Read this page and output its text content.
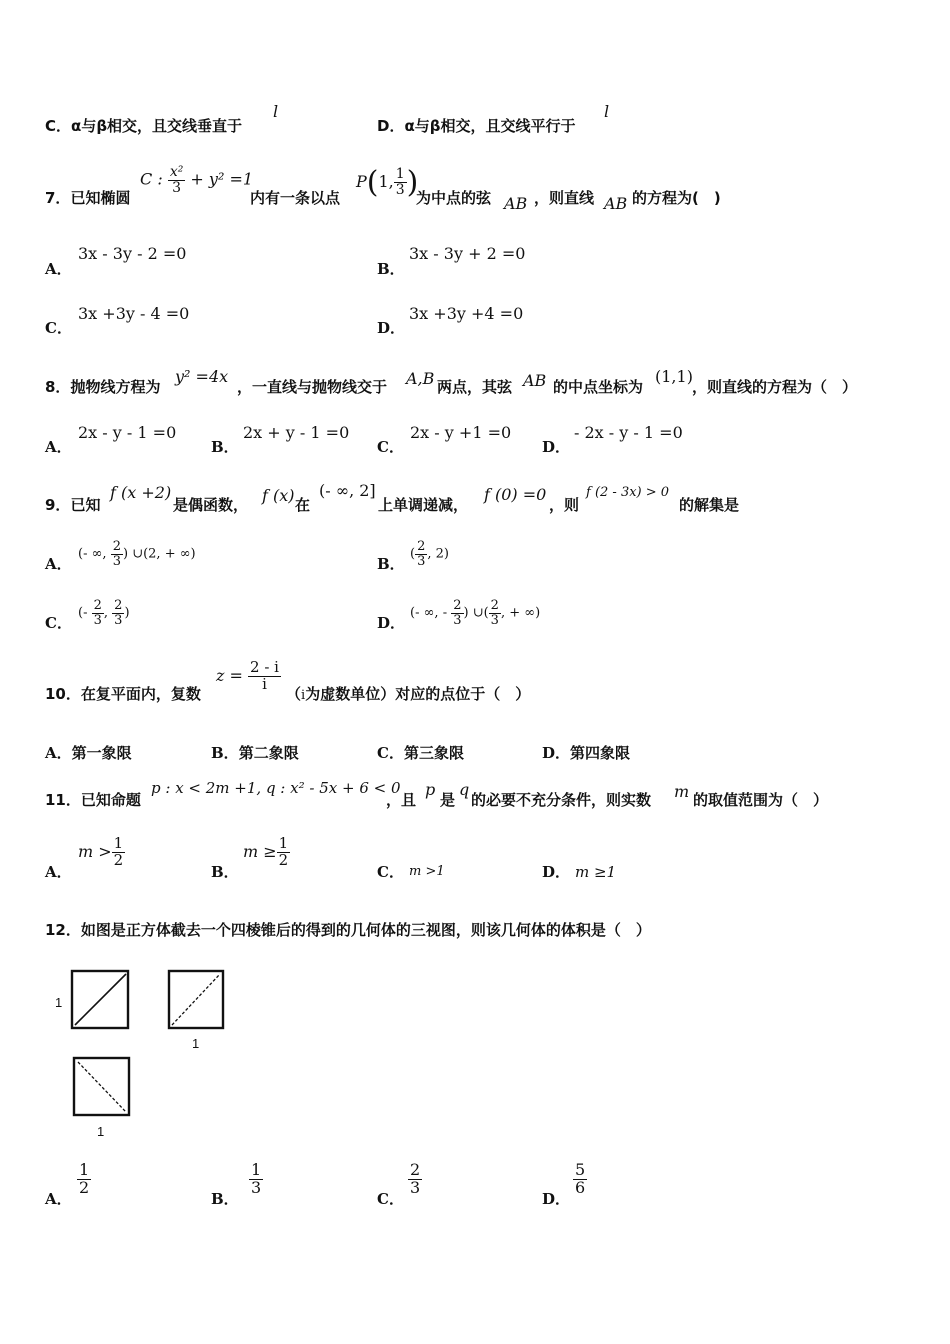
C．α与β相交，且交线垂直于
l
D．α与β相交，且交线平行于
l
7．已知椭圆
C : $\frac{\text{x²}}{3} + y^2 =1$
内有一条以点
P(1, $\frac{1}{3}$ )
为中点的弦 AB ，则直线 AB 的方程为(　)
A．
3x - 3y - 2 =0
B．
3x - 3y + 2 =0
C．
3x +3y - 4 =0
D．
3x +3y +4 =0
8．抛物线方程为
y² =4x
，一直线与抛物线交于 A,B 两点，其弦 AB 的中点坐标为
(1,1)
，则直线的方程为（　）
A．
2x - y - 1 =0
B．
2x + y - 1 =0
C．
2x - y +1 =0
D．
- 2x - y - 1 =0
9．已知
f (x +2)
是偶函数， f (x) 在
(- ∞, 2]
上单调递减，
f (0) =0
，则
f (2 - 3x) > 0
的解集是
A．
(- ∞, $\frac{2}{3}$ ) ∪(2, + ∞)
B．
( $\frac{2}{3}$ , 2)
C．
(- $\frac{2}{3}$ , $\frac{2}{3}$ )
D．
(- ∞, - $\frac{2}{3}$ ) ∪( $\frac{2}{3}$ , + ∞)
10．在复平面内，复数
$z = \frac{2 - i}{i}$
（i为虚数单位）对应的点位于（　）
A．第一象限	B．第二象限	C．第三象限	D．第四象限
11．已知命题
p : x < 2m +1, q : x² - 5x + 6 < 0
，且
p
是
q
的必要不充分条件，则实数 m 的取值范围为（　）
A．
$m > \frac{1}{2}$
B．
$m \ge \frac{1}{2}$
C． m >1	D． m ≥1
12．如图是正方体截去一个四棱锥后的得到的几何体的三视图，则该几何体的体积是（　）
1
1
1
A．
$\frac{1}{2}$
B．
$\frac{1}{3}$
C．
$\frac{2}{3}$
D．
$\frac{5}{6}$
